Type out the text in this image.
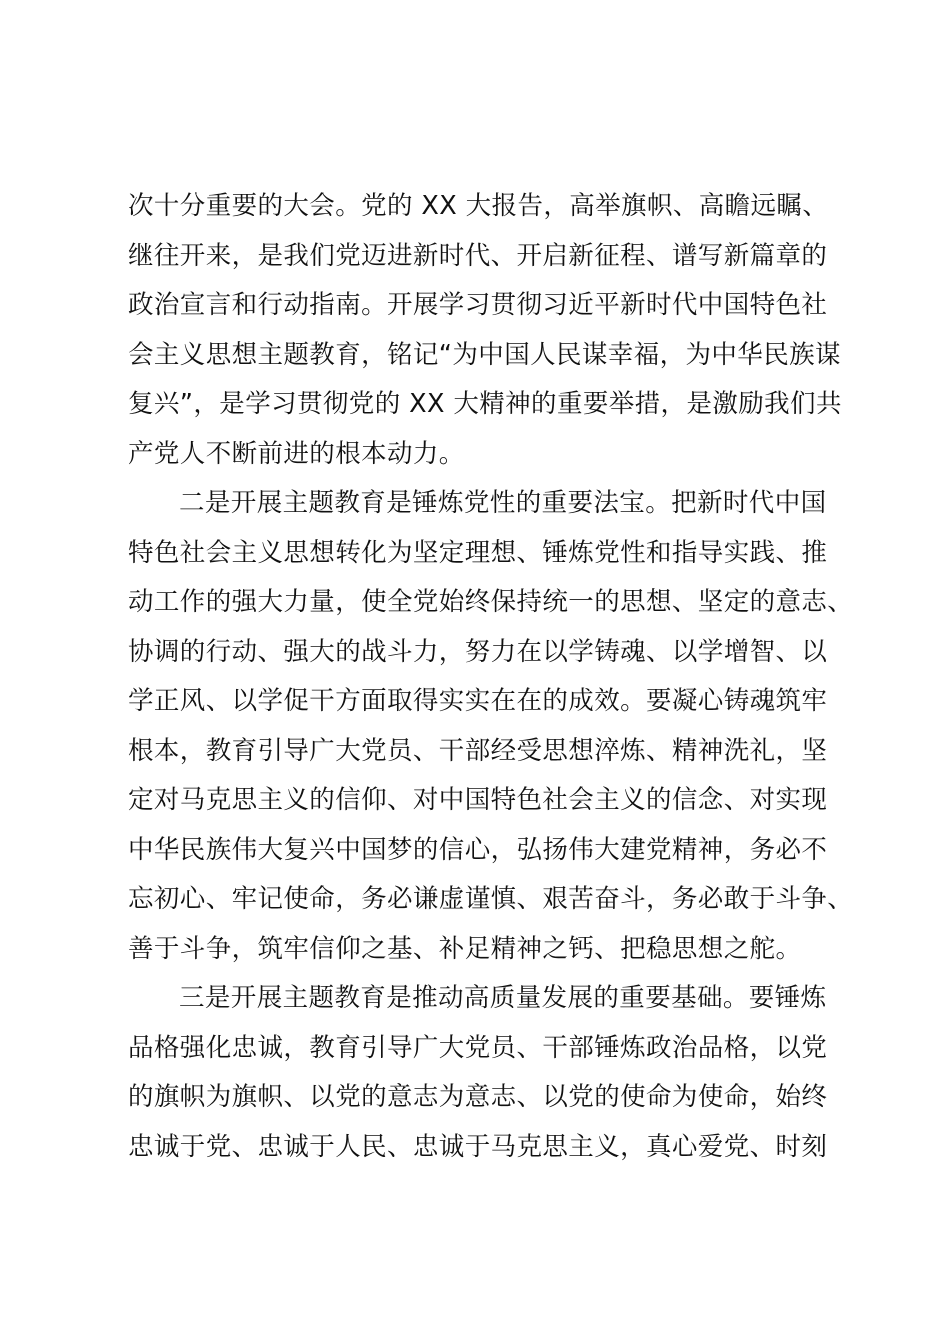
次十分重要的大会。党的 XX 大报告，高举旗帜、高瞻远瞩、
继往开来，是我们党迈进新时代、开启新征程、谱写新篇章的
政治宣言和行动指南。开展学习贯彻习近平新时代中国特色社
会主义思想主题教育，铭记“为中国人民谋幸福，为中华民族谋
复兴”，是学习贯彻党的 XX 大精神的重要举措，是激励我们共
产党人不断前进的根本动力。
二是开展主题教育是锤炼党性的重要法宝。把新时代中国
特色社会主义思想转化为坚定理想、锤炼党性和指导实践、推
动工作的强大力量，使全党始终保持统一的思想、坚定的意志、
协调的行动、强大的战斗力，努力在以学铸魂、以学增智、以
学正风、以学促干方面取得实实在在的成效。要凝心铸魂筑牢
根本，教育引导广大党员、干部经受思想淬炼、精神洗礼，坚
定对马克思主义的信仰、对中国特色社会主义的信念、对实现
中华民族伟大复兴中国梦的信心，弘扬伟大建党精神，务必不
忘初心、牢记使命，务必谦虚谨慎、艰苦奋斗，务必敢于斗争、
善于斗争，筑牢信仰之基、补足精神之钙、把稳思想之舵。
三是开展主题教育是推动高质量发展的重要基础。要锤炼
品格强化忠诚，教育引导广大党员、干部锤炼政治品格，以党
的旗帜为旗帜、以党的意志为意志、以党的使命为使命，始终
忠诚于党、忠诚于人民、忠诚于马克思主义，真心爱党、时刻
